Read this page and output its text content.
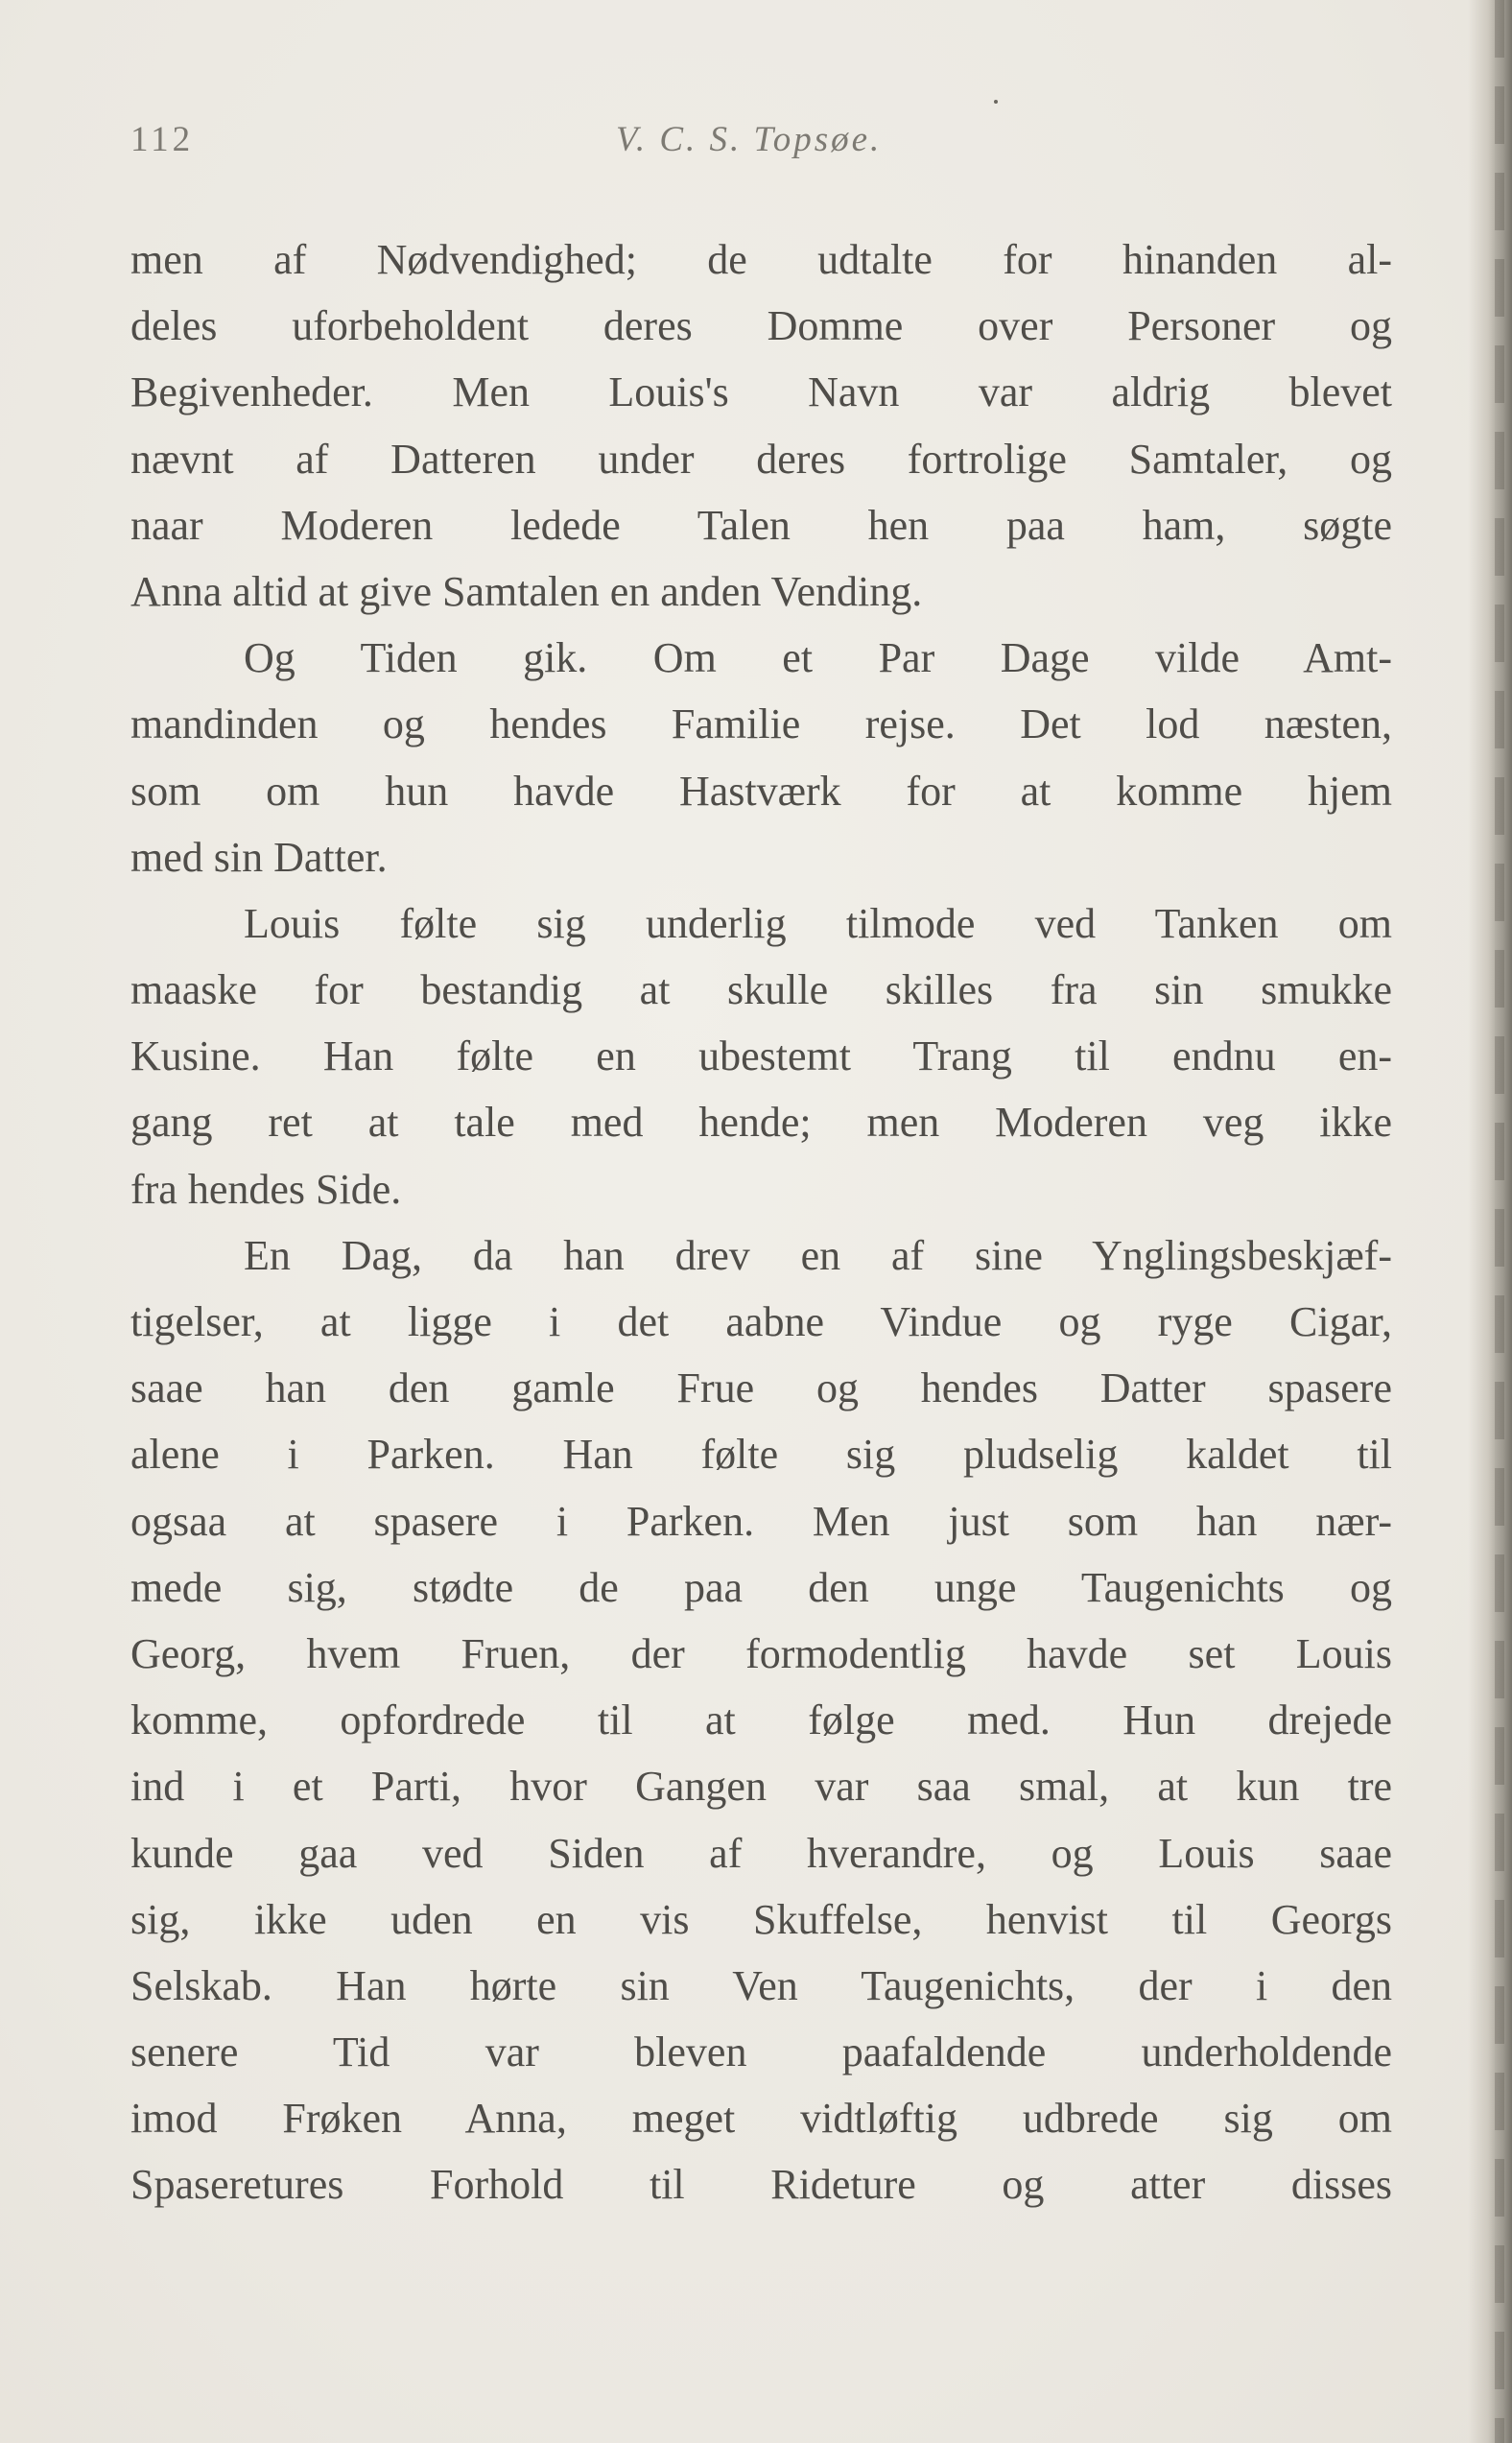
112	V. C. S. Topsøe.
men af Nødvendighed; de udtalte for hinanden al-
deles uforbeholdent deres Domme over Personer og
Begivenheder. Men Louis's Navn var aldrig blevet
nævnt af Datteren under deres fortrolige Samtaler, og
naar Moderen ledede Talen hen paa ham, søgte
Anna altid at give Samtalen en anden Vending.
Og Tiden gik. Om et Par Dage vilde Amt-
mandinden og hendes Familie rejse. Det lod næsten,
som om hun havde Hastværk for at komme hjem
med sin Datter.
Louis følte sig underlig tilmode ved Tanken om
maaske for bestandig at skulle skilles fra sin smukke
Kusine. Han følte en ubestemt Trang til endnu en-
gang ret at tale med hende; men Moderen veg ikke
fra hendes Side.
En Dag, da han drev en af sine Ynglingsbeskjæf-
tigelser, at ligge i det aabne Vindue og ryge Cigar,
saae han den gamle Frue og hendes Datter spasere
alene i Parken. Han følte sig pludselig kaldet til
ogsaa at spasere i Parken. Men just som han nær-
mede sig, stødte de paa den unge Taugenichts og
Georg, hvem Fruen, der formodentlig havde set Louis
komme, opfordrede til at følge med. Hun drejede
ind i et Parti, hvor Gangen var saa smal, at kun tre
kunde gaa ved Siden af hverandre, og Louis saae
sig, ikke uden en vis Skuffelse, henvist til Georgs
Selskab. Han hørte sin Ven Taugenichts, der i den
senere Tid var bleven paafaldende underholdende
imod Frøken Anna, meget vidtløftig udbrede sig om
Spaseretures Forhold til Rideture og atter disses
